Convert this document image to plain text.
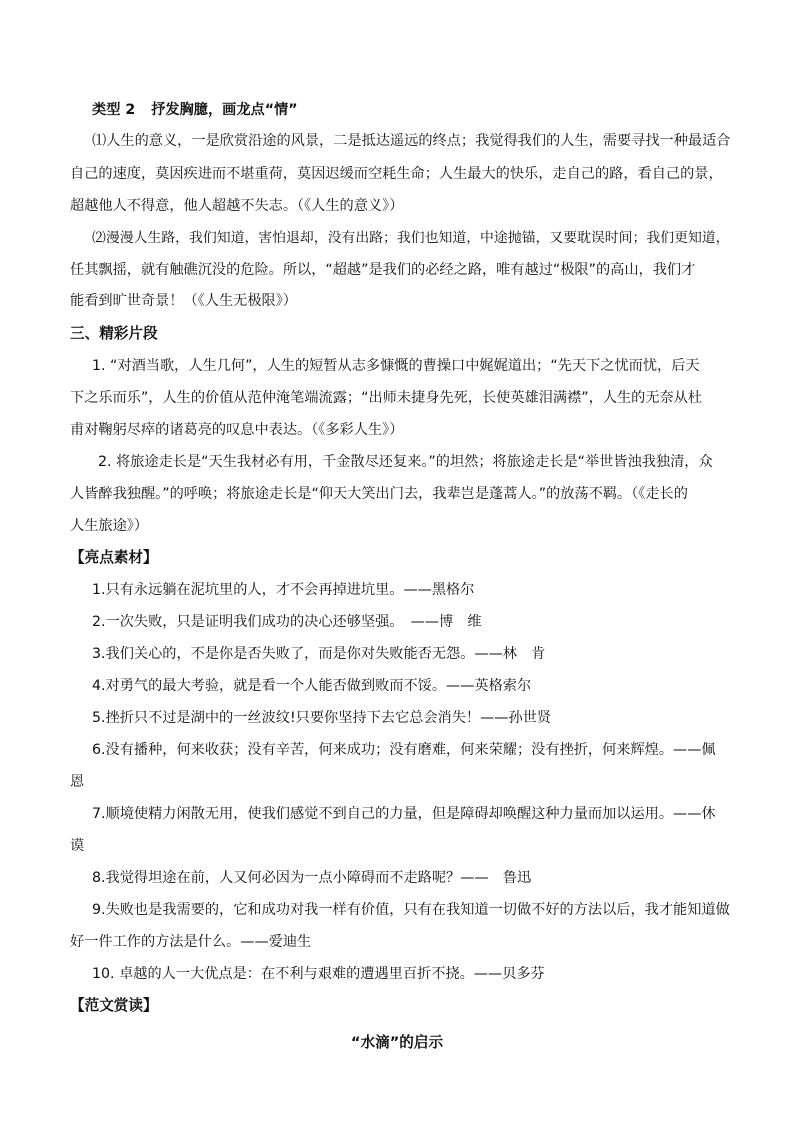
类型 2 抒发胸臆，画龙点“情”
⑴人生的意义，一是欣赏沿途的风景，二是抵达遥远的终点；我觉得我们的人生，需要寻找一种最适合
自己的速度，莫因疾进而不堪重荷，莫因迟缓而空耗生命；人生最大的快乐，走自己的路，看自己的景，
超越他人不得意，他人超越不失志。（《人生的意义》）
⑵漫漫人生路，我们知道，害怕退却，没有出路；我们也知道，中途抛锚，又要耽误时间；我们更知道，
任其飘摇，就有触礁沉没的危险。所以，“超越”是我们的必经之路，唯有越过“极限”的高山，我们才
能看到旷世奇景！（《人生无极限》）
三、精彩片段
1. “对酒当歌，人生几何”，人生的短暂从志多慷慨的曹操口中娓娓道出；“先天下之忧而忧，后天
下之乐而乐”，人生的价值从范仲淹笔端流露；“出师未捷身先死，长使英雄泪满襟”，人生的无奈从杜
甫对鞠躬尽瘁的诸葛亮的叹息中表达。（《多彩人生》）
2. 将旅途走长是“天生我材必有用，千金散尽还复来。”的坦然；将旅途走长是“举世皆浊我独清，众
人皆醉我独醒。”的呼唤；将旅途走长是“仰天大笑出门去，我辈岂是蓬蒿人。”的放荡不羁。（《走长的
人生旅途》）
【亮点素材】
1.只有永远躺在泥坑里的人，才不会再掉进坑里。——黑格尔
2.一次失败，只是证明我们成功的决心还够坚强。　——博　维
3.我们关心的，不是你是否失败了，而是你对失败能否无怨。——林　肯
4.对勇气的最大考验，就是看一个人能否做到败而不馁。——英格索尔
5.挫折只不过是湖中的一丝波纹!只要你坚持下去它总会消失！——孙世贤
6.没有播种，何来收获；没有辛苦，何来成功；没有磨难，何来荣耀；没有挫折，何来辉煌。——佩
恩
7.顺境使精力闲散无用，使我们感觉不到自己的力量，但是障碍却唤醒这种力量而加以运用。——休
谟
8.我觉得坦途在前，人又何必因为一点小障碍而不走路呢？——　鲁迅
9.失败也是我需要的，它和成功对我一样有价值，只有在我知道一切做不好的方法以后，我才能知道做
好一件工作的方法是什么。——爱迪生
10. 卓越的人一大优点是：在不利与艰难的遭遇里百折不挠。——贝多芬
【范文赏读】
“水滴”的启示
